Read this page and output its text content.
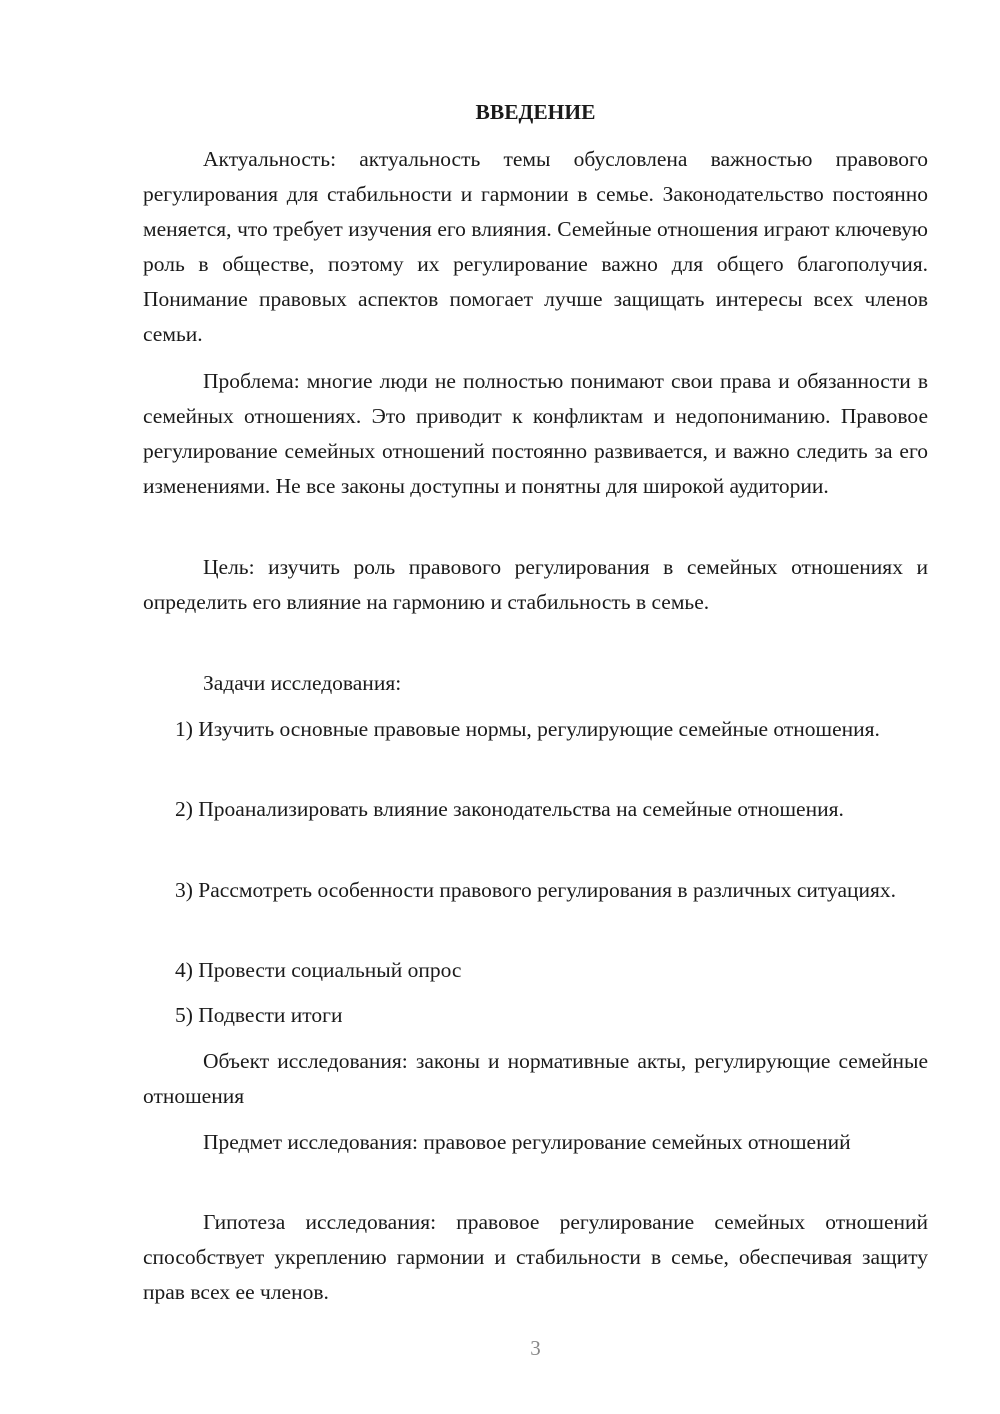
ВВЕДЕНИЕ

Актуальность: актуальность темы обусловлена важностью правового регулирования для стабильности и гармонии в семье. Законодательство постоянно меняется, что требует изучения его влияния. Семейные отношения играют ключевую роль в обществе, поэтому их регулирование важно для общего благополучия. Понимание правовых аспектов помогает лучше защищать интересы всех членов семьи.

Проблема: многие люди не полностью понимают свои права и обязанности в семейных отношениях. Это приводит к конфликтам и недопониманию. Правовое регулирование семейных отношений постоянно развивается, и важно следить за его изменениями. Не все законы доступны и понятны для широкой аудитории.

Цель: изучить роль правового регулирования в семейных отношениях и определить его влияние на гармонию и стабильность в семье.

Задачи исследования:

1) Изучить основные правовые нормы, регулирующие семейные отношения.

2) Проанализировать влияние законодательства на семейные отношения.

3) Рассмотреть особенности правового регулирования в различных ситуациях.

4) Провести социальный опрос

5) Подвести итоги

Объект исследования: законы и нормативные акты, регулирующие семейные отношения

Предмет исследования: правовое регулирование семейных отношений

Гипотеза исследования: правовое регулирование семейных отношений способствует укреплению гармонии и стабильности в семье, обеспечивая защиту прав всех ее членов.

3
